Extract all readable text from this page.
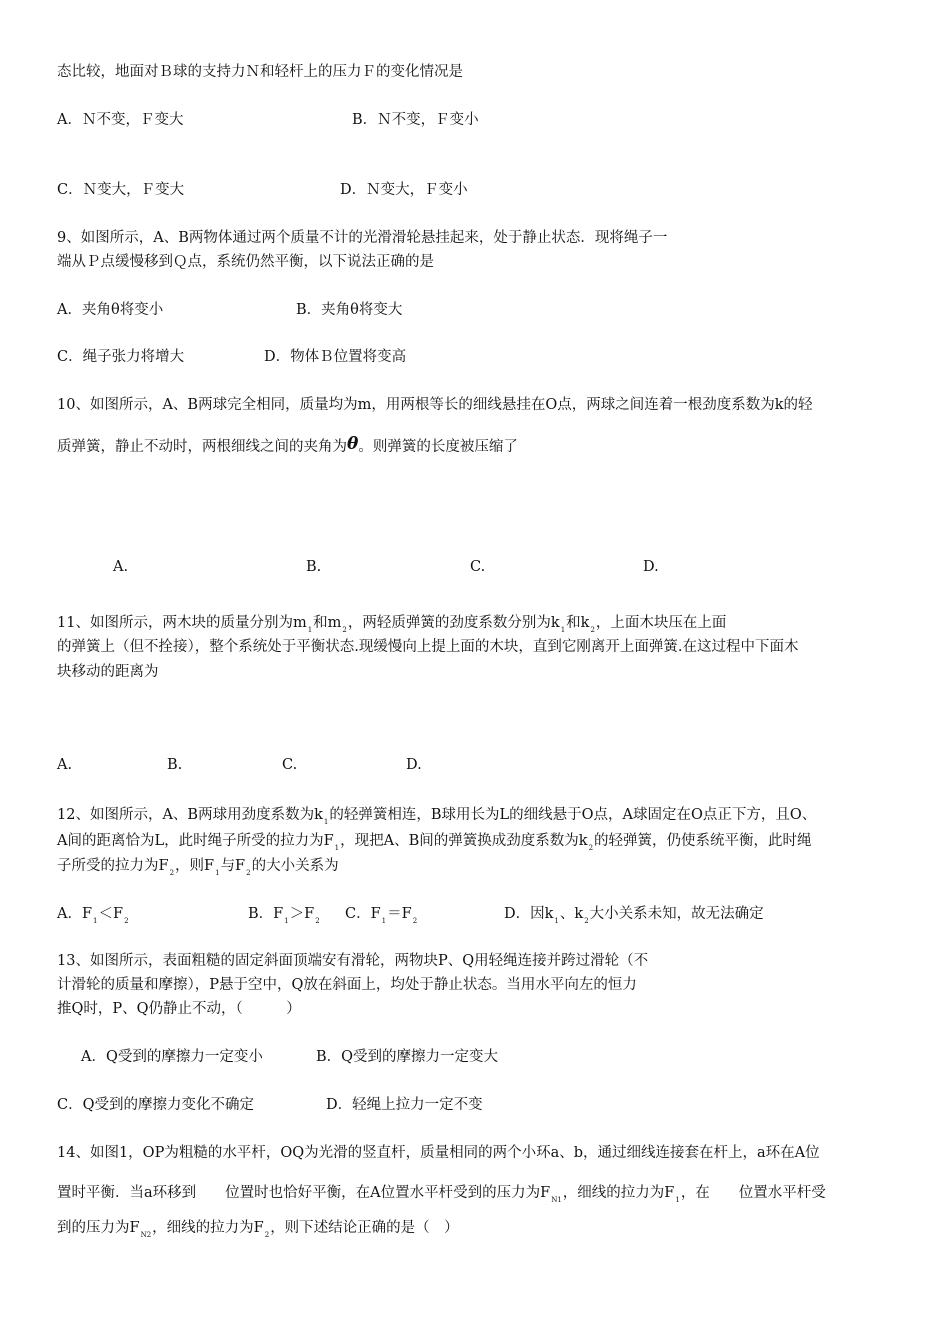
态比较，地面对Ｂ球的支持力Ｎ和轻杆上的压力Ｆ的变化情况是
A．Ｎ不变，Ｆ变大	B．Ｎ不变，Ｆ变小
C．Ｎ变大，Ｆ变大	D．Ｎ变大，Ｆ变小
9、如图所示，A、B两物体通过两个质量不计的光滑滑轮悬挂起来，处于静止状态．现将绳子一
端从Ｐ点缓慢移到Ｑ点，系统仍然平衡，以下说法正确的是
A．夹角θ将变小	B．夹角θ将变大
C．绳子张力将增大	D．物体Ｂ位置将变高
10、如图所示，A、B两球完全相同，质量均为m，用两根等长的细线悬挂在O点，两球之间连着一根劲度系数为k的轻
质弹簧，静止不动时，两根细线之间的夹角为θ。则弹簧的长度被压缩了
A.	B.	C.	D.
11、如图所示，两木块的质量分别为$m_1$和$m_2$，两轻质弹簧的劲度系数分别为$k_1$和$k_2$，上面木块压在上面
的弹簧上（但不拴接），整个系统处于平衡状态.现缓慢向上提上面的木块，直到它刚离开上面弹簧.在这过程中下面木
块移动的距离为
A.	B.	C.	D.
12、如图所示，A、B两球用劲度系数为$k_1$的轻弹簧相连，B球用长为L的细线悬于O点，A球固定在O点正下方，且O、
A间的距离恰为L，此时绳子所受的拉力为$F_1$，现把A、B间的弹簧换成劲度系数为$k_2$的轻弹簧，仍使系统平衡，此时绳
子所受的拉力为$F_2$，则$F_1$与$F_2$的大小关系为
A．$F_1<F_2$	B．$F_1>F_2$ C．$F_1=F_2$	D．因$k_1$、$k_2$大小关系未知，故无法确定
13、如图所示，表面粗糙的固定斜面顶端安有滑轮，两物块P、Q用轻绳连接并跨过滑轮（不
计滑轮的质量和摩擦），P悬于空中，Q放在斜面上，均处于静止状态。当用水平向左的恒力
推Q时，P、Q仍静止不动，（　　　）
A．Q受到的摩擦力一定变小	B．Q受到的摩擦力一定变大
C．Q受到的摩擦力变化不确定	D．轻绳上拉力一定不变
14、如图1，OP为粗糙的水平杆，OQ为光滑的竖直杆，质量相同的两个小环a、b，通过细线连接套在杆上，a环在A位
置时平衡．当a环移到　　位置时也恰好平衡，在A位置水平杆受到的压力为$F_{N1}$，细线的拉力为$F_1$，在　　位置水平杆受
到的压力为$F_{N2}$，细线的拉力为$F_2$，则下述结论正确的是（　）
